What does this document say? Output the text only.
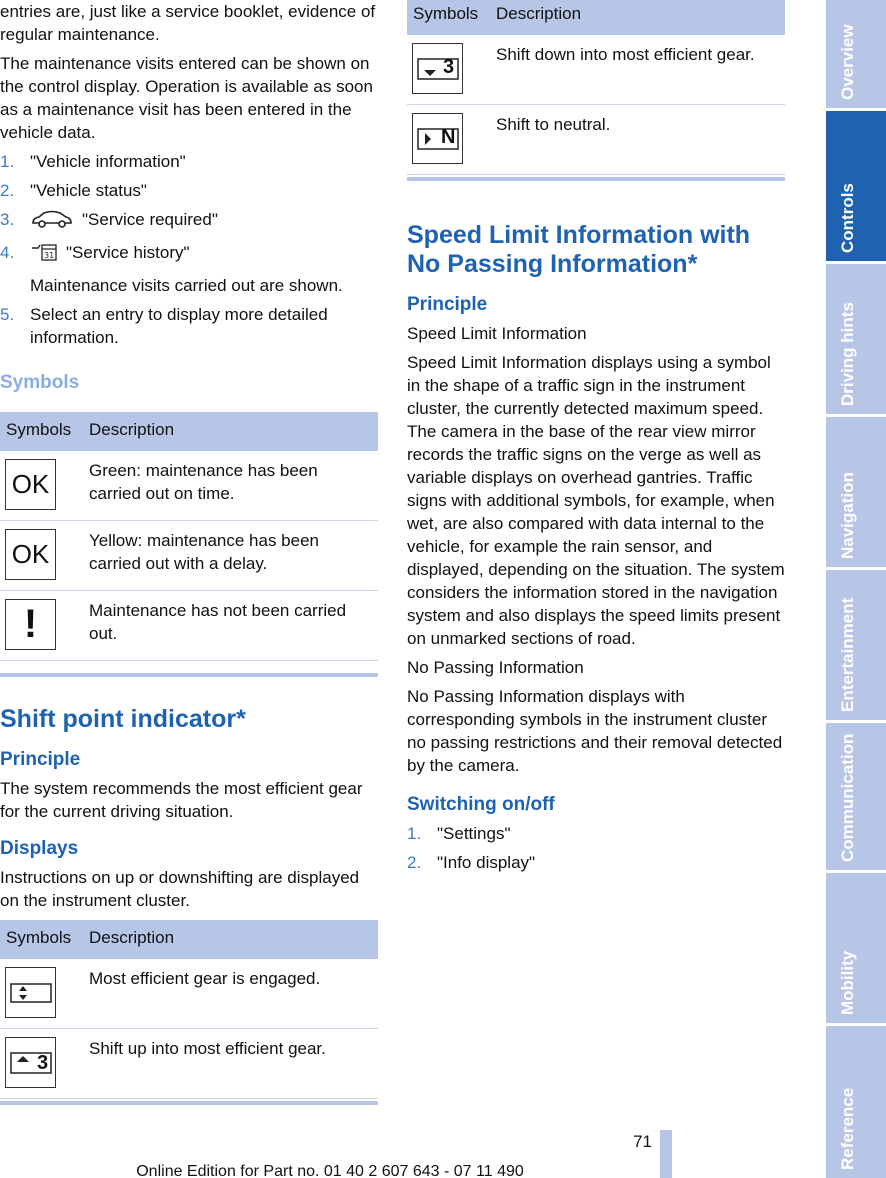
entries are, just like a service booklet, evidence of regular maintenance.

The maintenance visits entered can be shown on the control display. Operation is available as soon as a maintenance visit has been entered in the vehicle data.

1. "Vehicle information"
2. "Vehicle status"
3.	"Service required"
4.	31 "Service history"
Maintenance visits carried out are shown.
5. Select an entry to display more detailed information.
Symbols
Symbols	Description

OK	Green: maintenance has been carried out on time.

OK	Yellow: maintenance has been carried out with a delay.

!	Maintenance has not been carried out.
Shift point indicator*
Principle

The system recommends the most efficient gear for the current driving situation.

Displays

Instructions on up or downshifting are displayed on the instrument cluster.

Symbols	Description

	Most efficient gear is engaged.

3	Shift up into most efficient gear.
Symbols	Description

3	Shift down into most efficient gear.

N	Shift to neutral.
Speed Limit Information with No Passing Information*
Principle

Speed Limit Information

Speed Limit Information displays using a symbol in the shape of a traffic sign in the instrument cluster, the currently detected maximum speed. The camera in the base of the rear view mirror records the traffic signs on the verge as well as variable displays on overhead gantries. Traffic signs with additional symbols, for example, when wet, are also compared with data internal to the vehicle, for example the rain sensor, and displayed, depending on the situation. The system considers the information stored in the navigation system and also displays the speed limits present on unmarked sections of road.

No Passing Information

No Passing Information displays with corresponding symbols in the instrument cluster no passing restrictions and their removal detected by the camera.

Switching on/off
1. "Settings"
2. "Info display"
Overview
Controls
Driving hints
Navigation
Entertainment
Communication
Mobility
Reference
71
Online Edition for Part no. 01 40 2 607 643 - 07 11 490
